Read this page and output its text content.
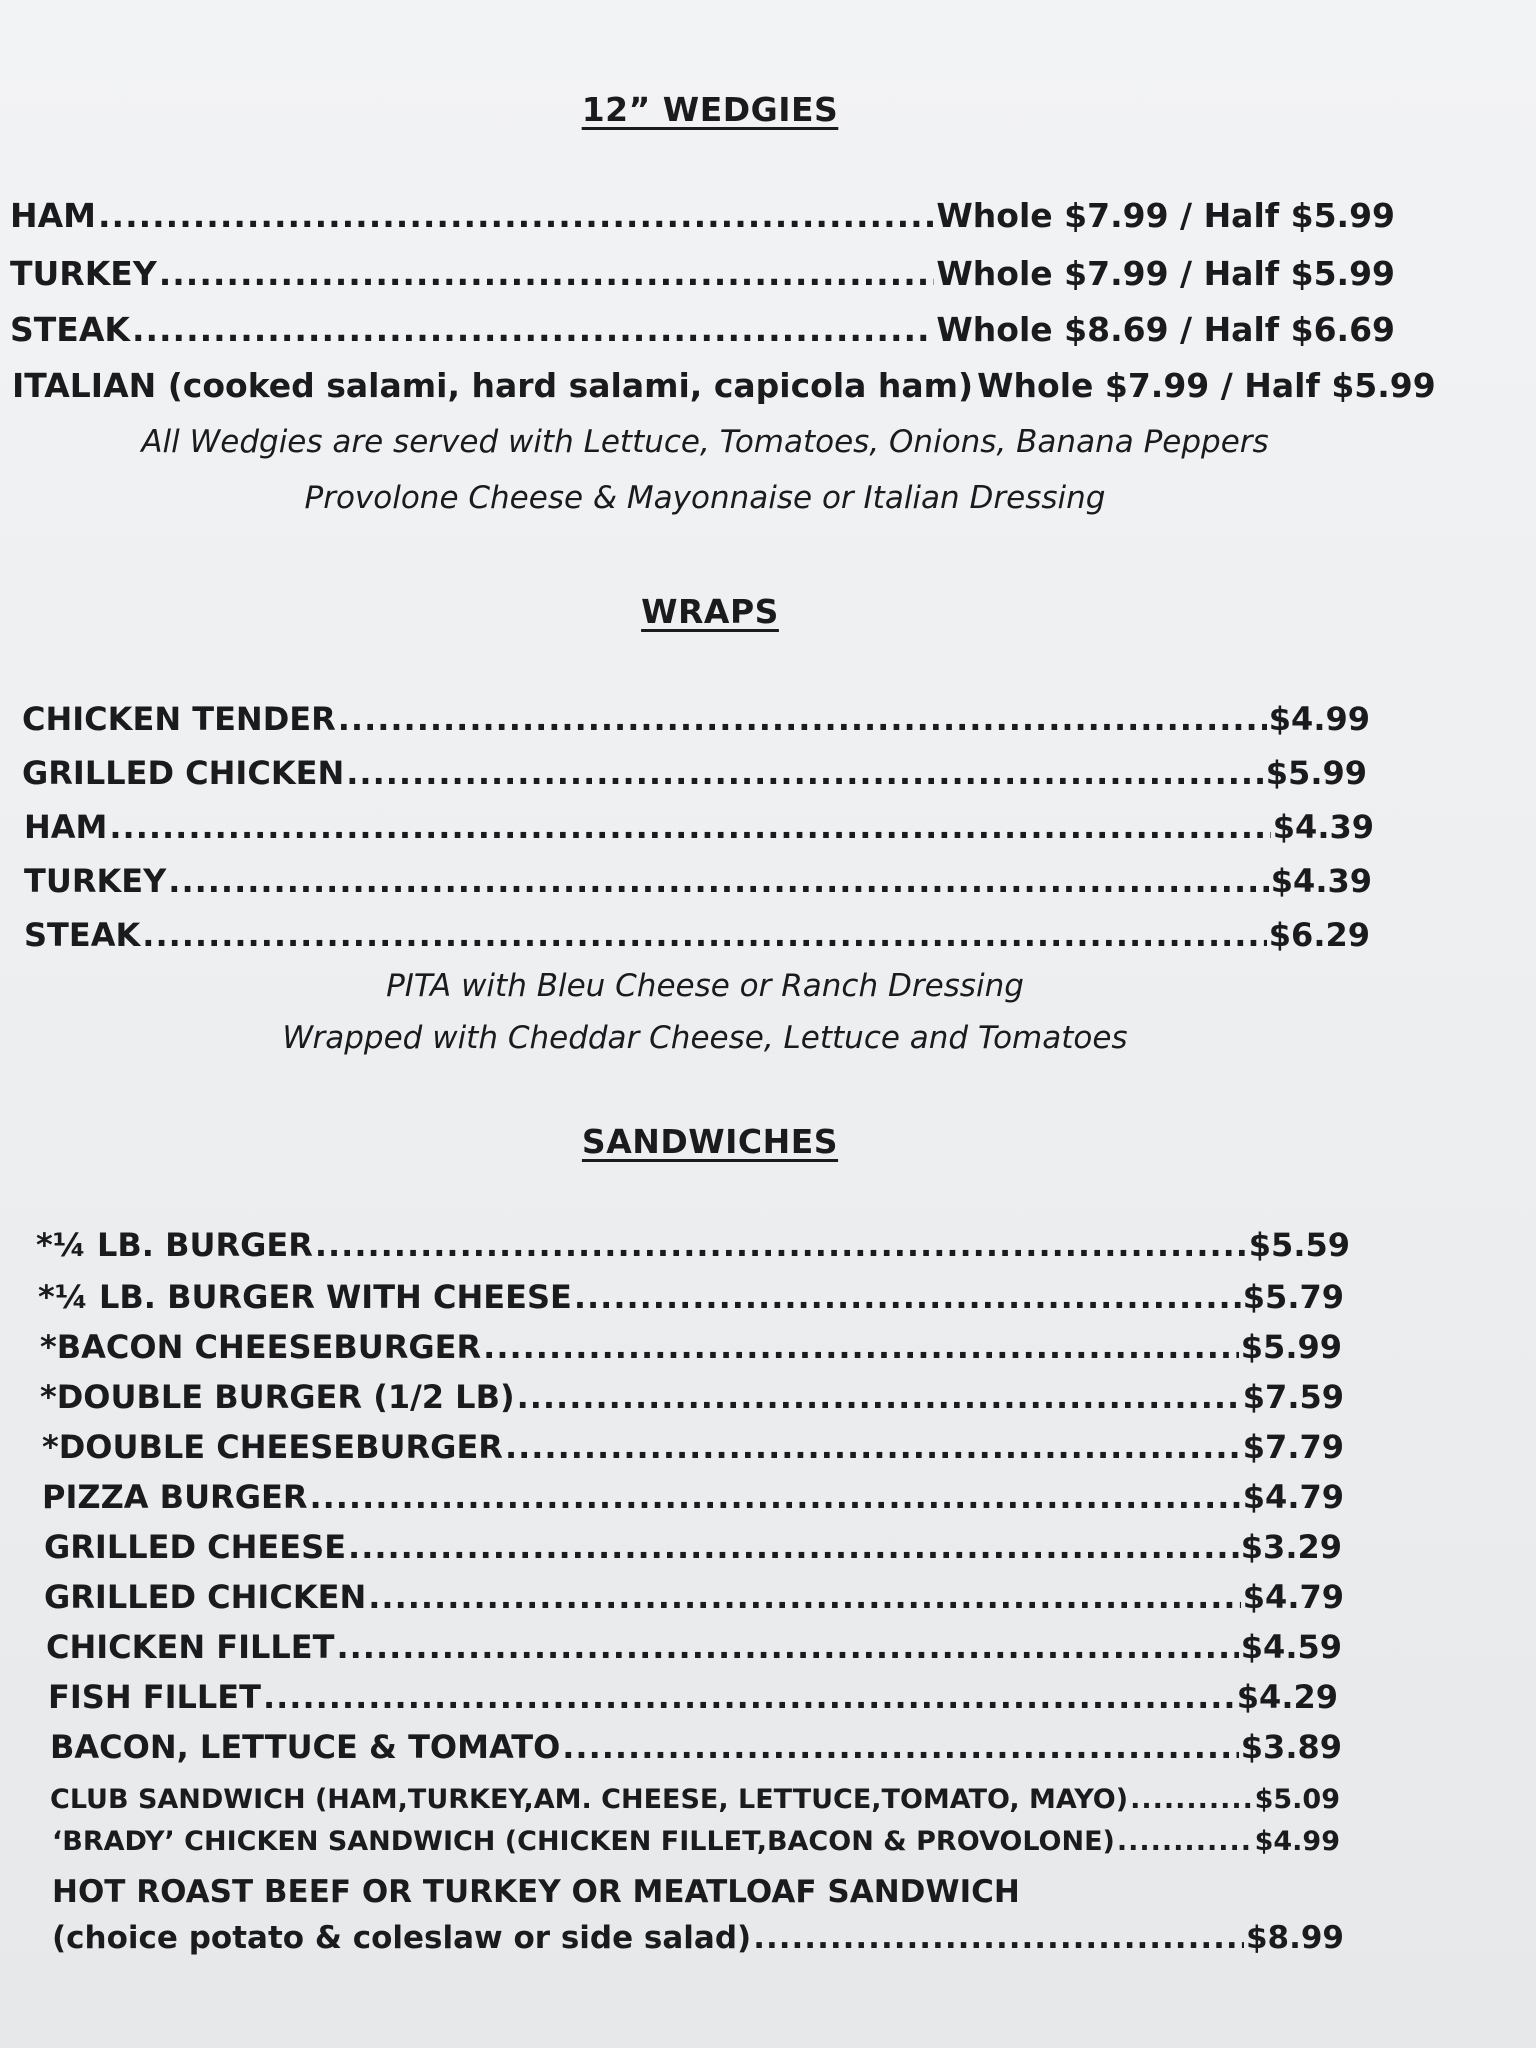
12” WEDGIES
HAM .....	Whole $7.99 / Half $5.99
TURKEY .....	Whole $7.99 / Half $5.99
STEAK .....	Whole $8.69 / Half $6.69
ITALIAN (cooked salami, hard salami, capicola ham) Whole $7.99 / Half $5.99
All Wedgies are served with Lettuce, Tomatoes, Onions, Banana Peppers
Provolone Cheese & Mayonnaise or Italian Dressing
WRAPS
CHICKEN TENDER .....	$4.99
GRILLED CHICKEN .....	$5.99
HAM .....	$4.39
TURKEY .....	$4.39
STEAK .....	$6.29
PITA with Bleu Cheese or Ranch Dressing
Wrapped with Cheddar Cheese, Lettuce and Tomatoes
SANDWICHES
*¼ LB. BURGER .....	$5.59
*¼ LB. BURGER WITH CHEESE .....	$5.79
*BACON CHEESEBURGER .....	$5.99
*DOUBLE BURGER (1/2 LB) .....	$7.59
*DOUBLE CHEESEBURGER .....	$7.79
PIZZA BURGER .....	$4.79
GRILLED CHEESE .....	$3.29
GRILLED CHICKEN .....	$4.79
CHICKEN FILLET .....	$4.59
FISH FILLET .....	$4.29
BACON, LETTUCE & TOMATO .....	$3.89
CLUB SANDWICH (HAM,TURKEY,AM. CHEESE, LETTUCE,TOMATO, MAYO) .....	$5.09
‘BRADY’ CHICKEN SANDWICH (CHICKEN FILLET,BACON & PROVOLONE) .....	$4.99
HOT ROAST BEEF OR TURKEY OR MEATLOAF SANDWICH
(choice potato & coleslaw or side salad) .....	$8.99
